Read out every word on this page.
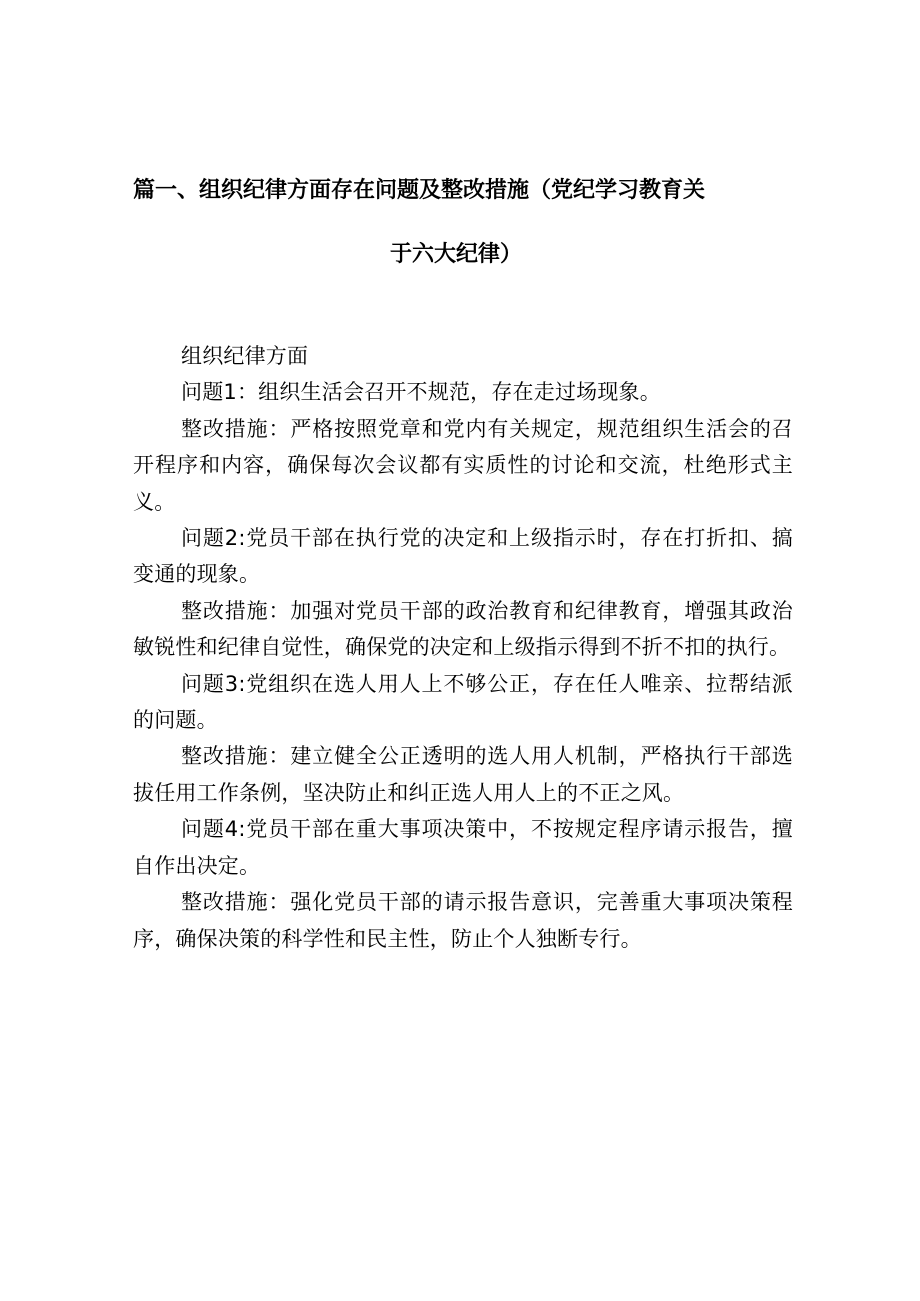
篇一、组织纪律方面存在问题及整改措施（党纪学习教育关
于六大纪律）

组织纪律方面

问题1：组织生活会召开不规范，存在走过场现象。

整改措施：严格按照党章和党内有关规定，规范组织生活会的召开程序和内容，确保每次会议都有实质性的讨论和交流，杜绝形式主义。

问题2:党员干部在执行党的决定和上级指示时，存在打折扣、搞变通的现象。

整改措施：加强对党员干部的政治教育和纪律教育，增强其政治敏锐性和纪律自觉性，确保党的决定和上级指示得到不折不扣的执行。

问题3:党组织在选人用人上不够公正，存在任人唯亲、拉帮结派的问题。

整改措施：建立健全公正透明的选人用人机制，严格执行干部选拔任用工作条例，坚决防止和纠正选人用人上的不正之风。

问题4:党员干部在重大事项决策中，不按规定程序请示报告，擅自作出决定。

整改措施：强化党员干部的请示报告意识，完善重大事项决策程序，确保决策的科学性和民主性，防止个人独断专行。
